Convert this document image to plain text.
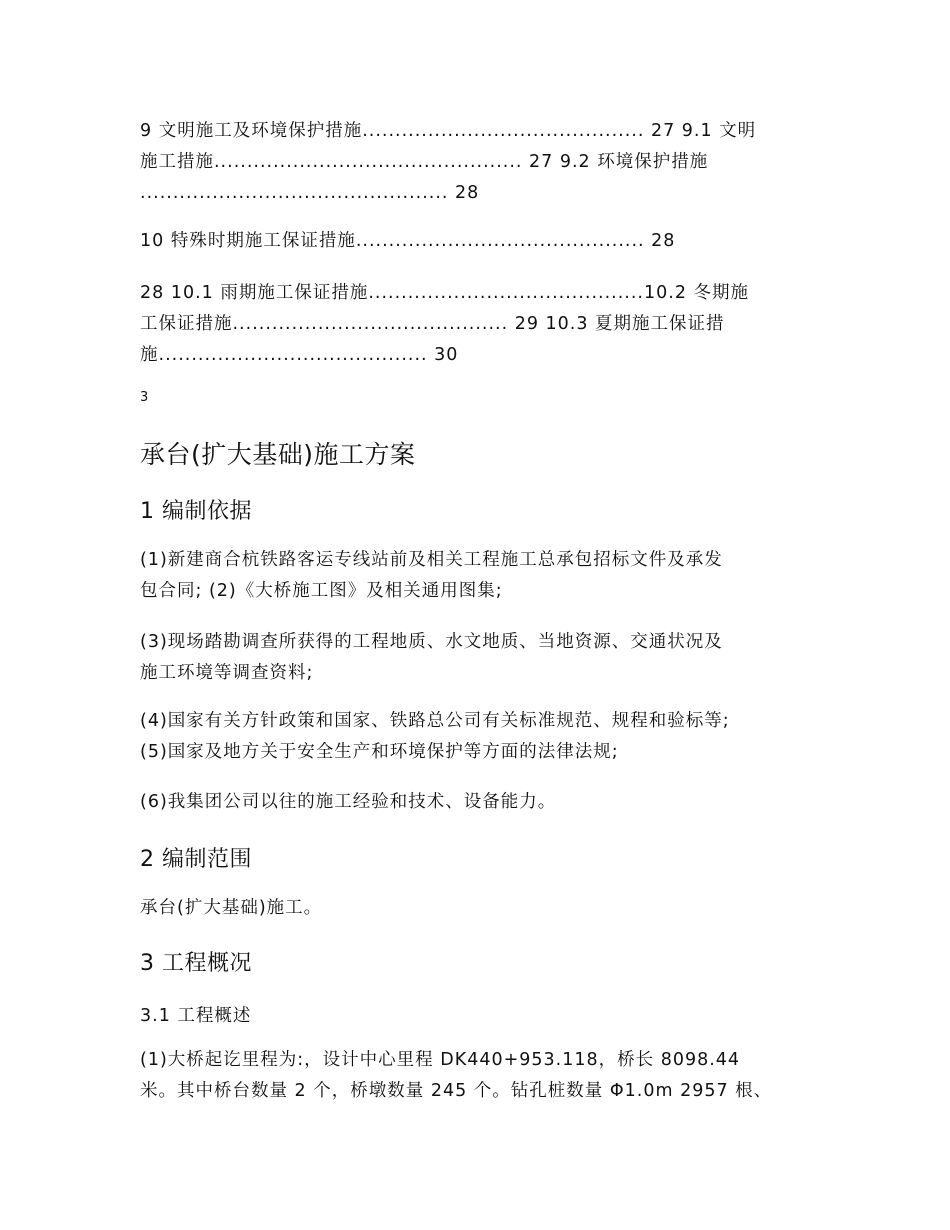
9 文明施工及环境保护措施........................................... 27 9.1 文明
施工措施............................................... 27 9.2 环境保护措施
............................................... 28
10 特殊时期施工保证措施............................................ 28
28 10.1 雨期施工保证措施..........................................10.2 冬期施
工保证措施.......................................... 29 10.3 夏期施工保证措
施......................................... 30
3
承台(扩大基础)施工方案
1 编制依据
(1)新建商合杭铁路客运专线站前及相关工程施工总承包招标文件及承发
包合同; (2)《大桥施工图》及相关通用图集;
(3)现场踏勘调查所获得的工程地质、水文地质、当地资源、交通状况及
施工环境等调查资料;
(4)国家有关方针政策和国家、铁路总公司有关标准规范、规程和验标等;
(5)国家及地方关于安全生产和环境保护等方面的法律法规;
(6)我集团公司以往的施工经验和技术、设备能力。
2 编制范围
承台(扩大基础)施工。
3 工程概况
3.1 工程概述
(1)大桥起讫里程为:，设计中心里程 DK440+953.118，桥长 8098.44
米。其中桥台数量 2 个，桥墩数量 245 个。钻孔桩数量 Φ1.0m 2957 根、
